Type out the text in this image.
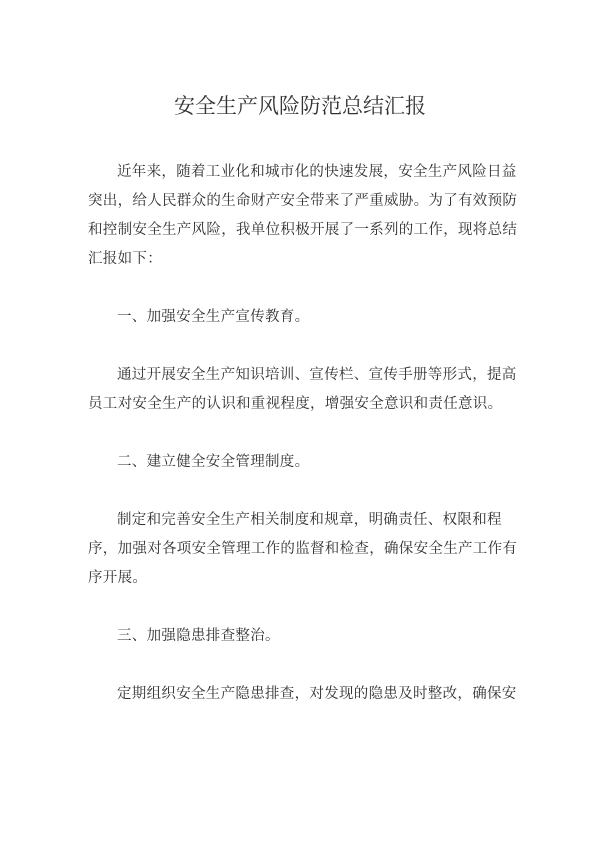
安全生产风险防范总结汇报

近年来，随着工业化和城市化的快速发展，安全生产风险日益突出，给人民群众的生命财产安全带来了严重威胁。为了有效预防和控制安全生产风险，我单位积极开展了一系列的工作，现将总结汇报如下：

一、加强安全生产宣传教育。

通过开展安全生产知识培训、宣传栏、宣传手册等形式，提高员工对安全生产的认识和重视程度，增强安全意识和责任意识。

二、建立健全安全管理制度。

制定和完善安全生产相关制度和规章，明确责任、权限和程序，加强对各项安全管理工作的监督和检查，确保安全生产工作有序开展。

三、加强隐患排查整治。

定期组织安全生产隐患排查，对发现的隐患及时整改，确保安
